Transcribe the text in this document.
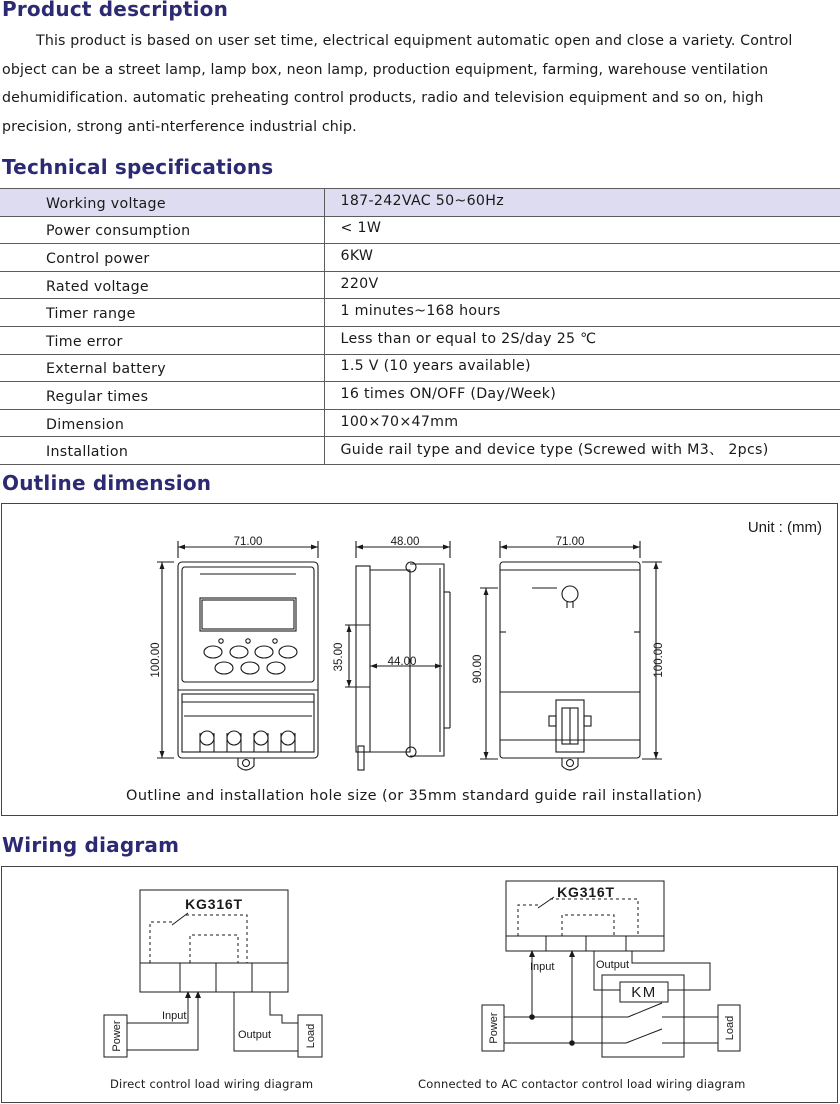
Product description

This product is based on user set time, electrical equipment automatic open and close a variety. Control object can be a street lamp, lamp box, neon lamp, production equipment, farming, warehouse ventilation dehumidification. automatic preheating control products, radio and television equipment and so on, high precision, strong anti-nterference industrial chip.

Technical specifications
Working voltage	187-242VAC 50~60Hz
Power consumption	< 1W
Control power	6KW
Rated voltage	220V
Timer range	1 minutes~168 hours
Time error	Less than or equal to 2S/day 25 ℃
External battery	1.5 V (10 years available)
Regular times	16 times ON/OFF (Day/Week)
Dimension	100×70×47mm
Installation	Guide rail type and device type (Screwed with M3、 2pcs)
Outline dimension
71.00	48.00	71.00
44.00
100.00	35.00	90.00	100.00
Unit : (mm)
Outline and installation hole size (or 35mm standard guide rail installation)
Wiring diagram
KG316T
KG316T
Input
Output
Power	Load
Input	Output
KM
Power	Load
Direct control load wiring diagram	Connected to AC contactor control load wiring diagram
